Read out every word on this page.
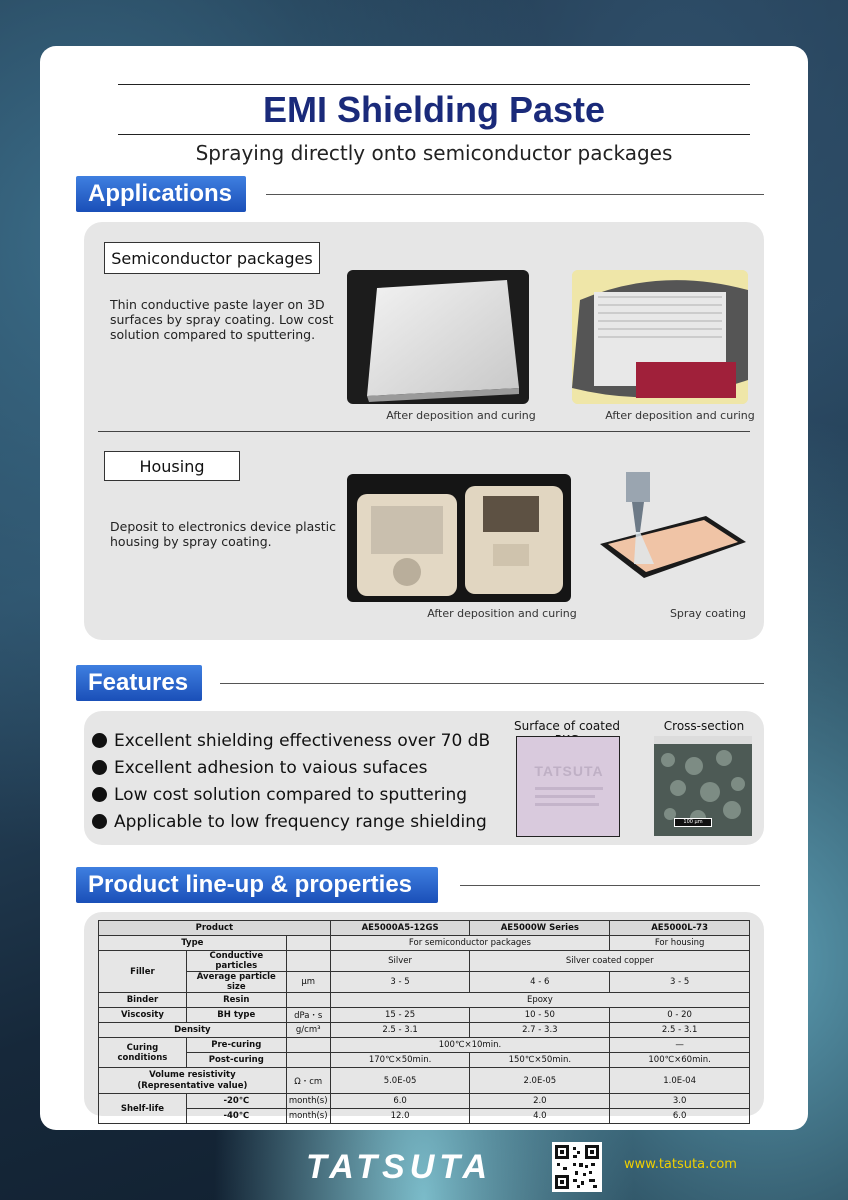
EMI Shielding Paste
Spraying directly onto semiconductor packages
Applications
Semiconductor packages
Thin conductive paste layer on 3D surfaces by spray coating. Low cost solution compared to sputtering.
After deposition and curing	After deposition and curing
Housing
Deposit to electronics device plastic housing by spray coating.
After deposition and curing	Spray coating
Features
Excellent shielding effectiveness over 70 dB
Excellent adhesion to vaious sufaces
Low cost solution compared to sputtering
Applicable to low frequency range shielding
Surface of coated
TATSUTA
Cross-section
100 μm
Product line-up & properties
Product			AE5000A5-12GS	AE5000W Series	AE5000L-73
Type			For semiconductor packages		For housing
Filler	Conductive particles		Silver	Silver coated copper	
	Average particle size	μm	3 - 5	4 - 6	3 - 5
Binder	Resin		Epoxy		
Viscosity	BH type	dPa・s	15 - 25	10 - 50	0 - 20
Density		g/cm³	2.5 - 3.1	2.7 - 3.3	2.5 - 3.1
Curing conditions	Pre-curing		100℃×10min.		—
	Post-curing		170℃×50min.	150℃×50min.	100℃×60min.
Volume resistivity
(Representative value)		Ω・cm	5.0E-05	2.0E-05	1.0E-04
Shelf-life	-20℃	month(s)	6.0	2.0	3.0
	-40℃	month(s)	12.0	4.0	6.0
TATSUTA	www.tatsuta.com
